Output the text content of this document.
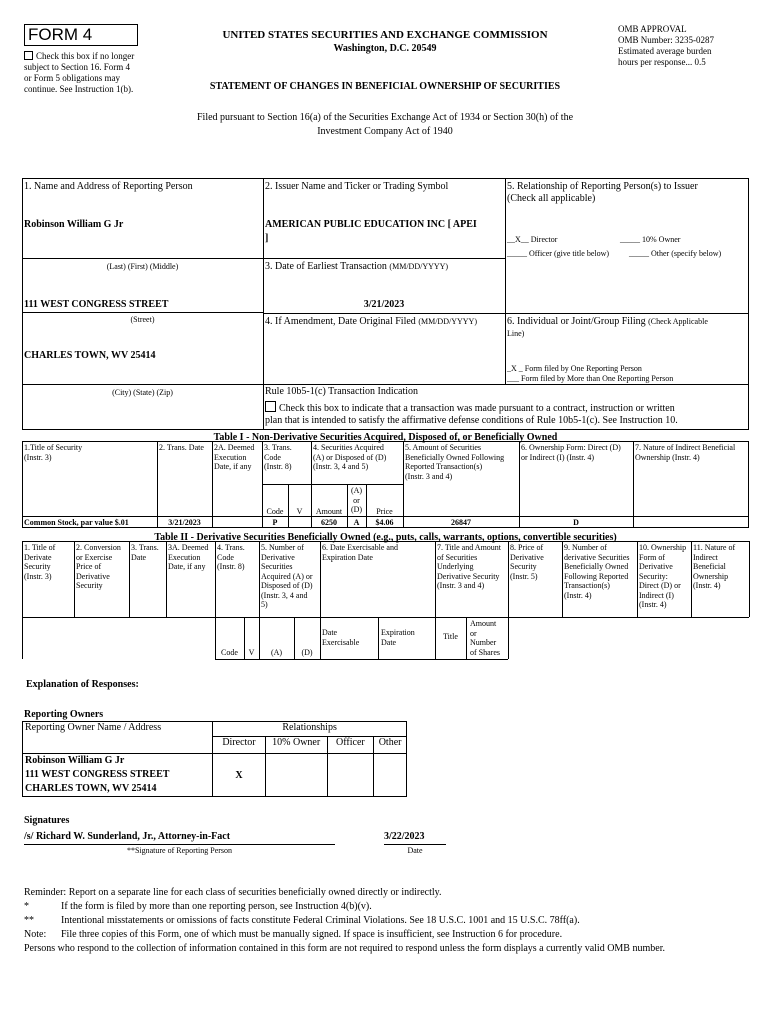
FORM 4
Check this box if no longer
subject to Section 16. Form 4
or Form 5 obligations may
continue. See Instruction 1(b).
UNITED STATES SECURITIES AND EXCHANGE COMMISSION
Washington, D.C. 20549
STATEMENT OF CHANGES IN BENEFICIAL OWNERSHIP OF SECURITIES
OMB APPROVAL
OMB Number: 3235-0287
Estimated average burden
hours per response... 0.5
Filed pursuant to Section 16(a) of the Securities Exchange Act of 1934 or Section 30(h) of the
Investment Company Act of 1940
1. Name and Address of Reporting Person
Robinson William G Jr
(Last) (First) (Middle)
111 WEST CONGRESS STREET
(Street)
CHARLES TOWN, WV 25414
(City) (State) (Zip)
2. Issuer Name and Ticker or Trading Symbol
AMERICAN PUBLIC EDUCATION INC [ APEI
]
3. Date of Earliest Transaction (MM/DD/YYYY)
3/21/2023
4. If Amendment, Date Original Filed (MM/DD/YYYY)
5. Relationship of Reporting Person(s) to Issuer
(Check all applicable)
__X__ Director	_____ 10% Owner
_____ Officer (give title below) _____ Other (specify below)
6. Individual or Joint/Group Filing (Check Applicable
Line)
_X _ Form filed by One Reporting Person
___ Form filed by More than One Reporting Person
Rule 10b5-1(c) Transaction Indication
Check this box to indicate that a transaction was made pursuant to a contract, instruction or written
plan that is intended to satisfy the affirmative defense conditions of Rule 10b5-1(c). See Instruction 10.
Table I - Non-Derivative Securities Acquired, Disposed of, or Beneficially Owned
1.Title of Security
(Instr. 3)
2. Trans. Date 2A. Deemed
Execution
Date, if any
3. Trans.
Code
(Instr. 8)
4. Securities Acquired
(A) or Disposed of (D)
(Instr. 3, 4 and 5)
5. Amount of Securities
Beneficially Owned Following
Reported Transaction(s)
(Instr. 3 and 4)
6. Ownership Form: Direct (D)
or Indirect (I) (Instr. 4)
7. Nature of Indirect Beneficial
Ownership (Instr. 4)
Code	V	Amount
(A)
or
(D)	Price
Common Stock, par value $.01	3/21/2023	P	6250	A	$4.06	26847	D
Table II - Derivative Securities Beneficially Owned (e.g., puts, calls, warrants, options, convertible securities)
1. Title of
Derivate
Security
(Instr. 3)
2. Conversion
or Exercise
Price of
Derivative
Security
3. Trans.
Date
3A. Deemed
Execution
Date, if any
4. Trans.
Code
(Instr. 8)
5. Number of
Derivative
Securities
Acquired (A) or
Disposed of (D)
(Instr. 3, 4 and
5)
6. Date Exercisable and
Expiration Date
7. Title and Amount
of Securities
Underlying
Derivative Security
(Instr. 3 and 4)
8. Price of
Derivative
Security
(Instr. 5)
9. Number of
derivative Securities
Beneficially Owned
Following Reported
Transaction(s)
(Instr. 4)
10. Ownership
Form of
Derivative
Security:
Direct (D) or
Indirect (I)
(Instr. 4)
11. Nature of
Indirect
Beneficial
Ownership
(Instr. 4)
Code	V	(A)	(D)
Date
Exercisable
Expiration
Date
Title
Amount
or
Number
of Shares
Explanation of Responses:
Reporting Owners
Reporting Owner Name / Address	Relationships			
	Director	10% Owner	Officer	Other

Robinson William G Jr
111 WEST CONGRESS STREET
CHARLES TOWN, WV 25414	X			
Signatures
/s/ Richard W. Sunderland, Jr., Attorney-in-Fact
**Signature of Reporting Person
3/22/2023
Date
Reminder: Report on a separate line for each class of securities beneficially owned directly or indirectly.
*	If the form is filed by more than one reporting person, see Instruction 4(b)(v).
**	Intentional misstatements or omissions of facts constitute Federal Criminal Violations. See 18 U.S.C. 1001 and 15 U.S.C. 78ff(a).
Note: File three copies of this Form, one of which must be manually signed. If space is insufficient, see Instruction 6 for procedure.
Persons who respond to the collection of information contained in this form are not required to respond unless the form displays a currently valid OMB number.
